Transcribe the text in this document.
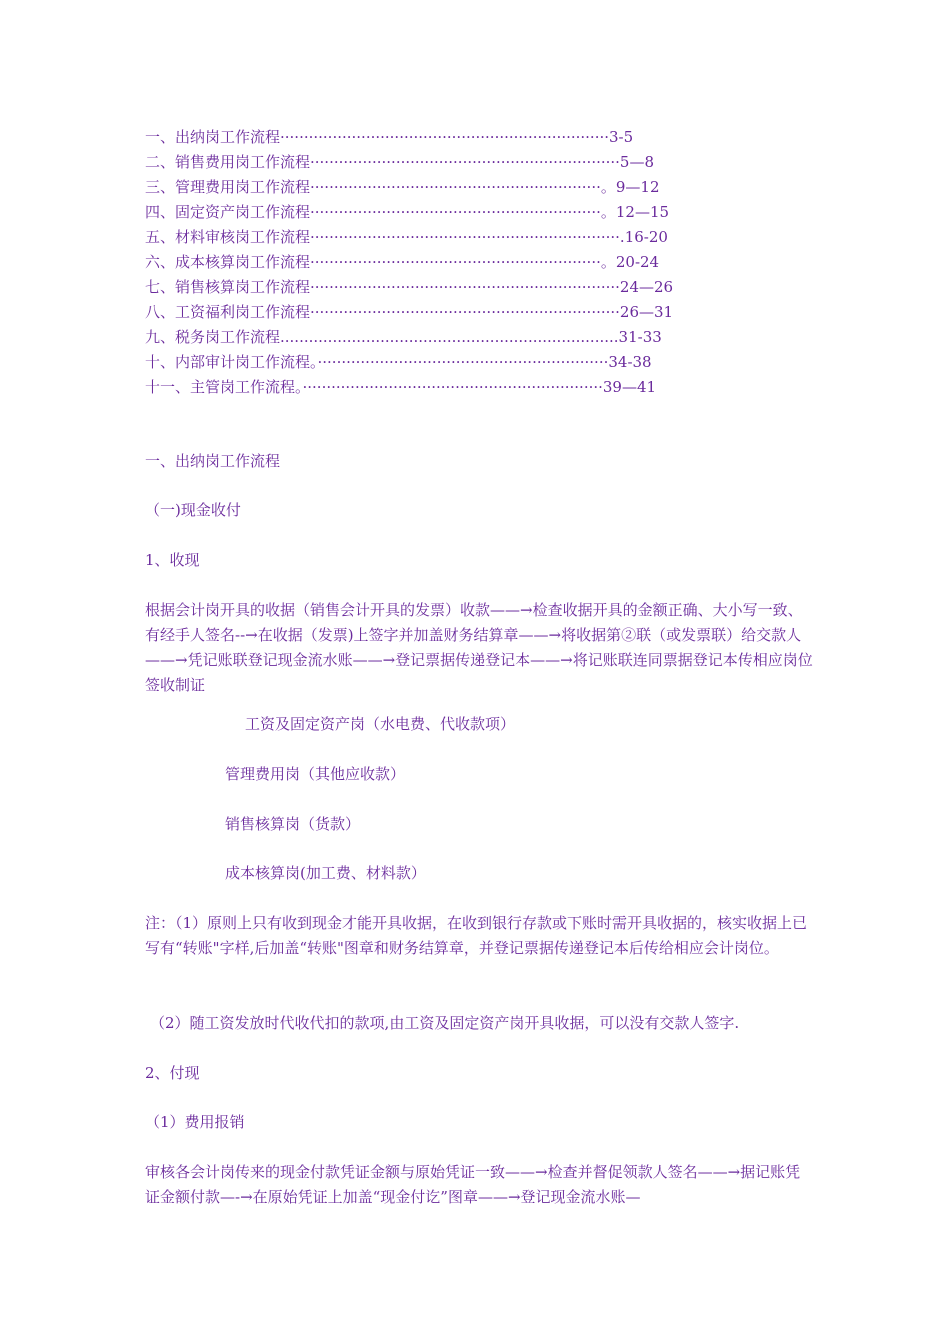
一、出纳岗工作流程·····································································3-5
二、销售费用岗工作流程·································································5—8
三、管理费用岗工作流程·····························································。9—12
四、固定资产岗工作流程·····························································。12—15
五、材料审核岗工作流程·································································.16-20
六、成本核算岗工作流程·····························································。20-24
七、销售核算岗工作流程·································································24—26
八、工资福利岗工作流程·································································26—31
九、税务岗工作流程.......................................................................31-33
十、内部审计岗工作流程。·····························································34-38
十一、主管岗工作流程。·······························································39—41
一、出纳岗工作流程
（一)现金收付
1、收现
根据会计岗开具的收据（销售会计开具的发票）收款——→检查收据开具的金额正确、大小写一致、有经手人签名--→在收据（发票)上签字并加盖财务结算章——→将收据第②联（或发票联）给交款人——→凭记账联登记现金流水账——→登记票据传递登记本——→将记账联连同票据登记本传相应岗位签收制证
工资及固定资产岗（水电费、代收款项）
管理费用岗（其他应收款）
销售核算岗（货款）
成本核算岗(加工费、材料款）
注：（1）原则上只有收到现金才能开具收据，在收到银行存款或下账时需开具收据的，核实收据上已写有“转账"字样,后加盖“转账"图章和财务结算章，并登记票据传递登记本后传给相应会计岗位。
（2）随工资发放时代收代扣的款项,由工资及固定资产岗开具收据，可以没有交款人签字.
2、付现
（1）费用报销
审核各会计岗传来的现金付款凭证金额与原始凭证一致——→检查并督促领款人签名——→据记账凭证金额付款—-→在原始凭证上加盖“现金付讫”图章——→登记现金流水账—
